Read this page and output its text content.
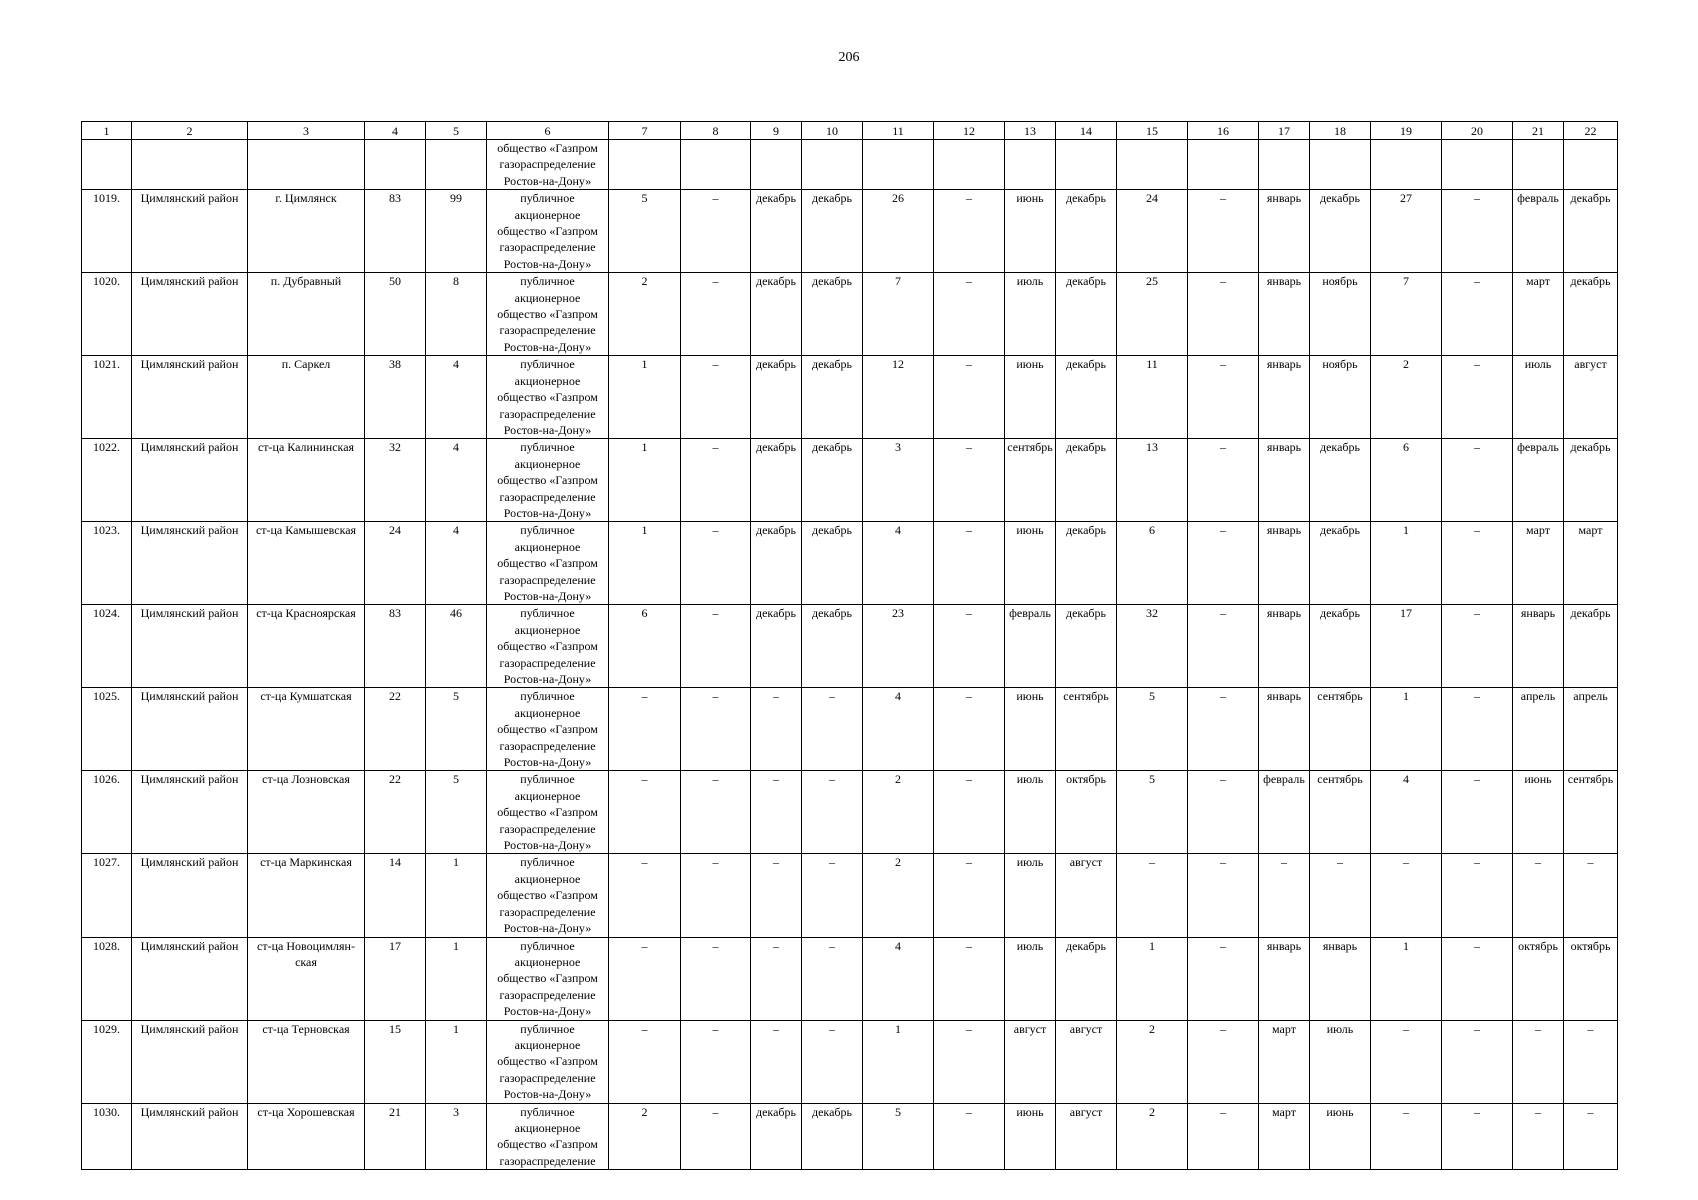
206
1	2	3	4	5	6	7	8	9	10	11	12	13	14	15	16	17	18	19	20	21	22
					общество «Газпром газораспределение Ростов-на-Дону»																
1019.	Цимлянский район	г. Цимлянск	83	99	публичное акционерное общество «Газпром газораспределение Ростов-на-Дону»	5	–	декабрь	декабрь	26	–	июнь	декабрь	24	–	январь	декабрь	27	–	февраль	декабрь
1020.	Цимлянский район	п. Дубравный	50	8	публичное акционерное общество «Газпром газораспределение Ростов-на-Дону»	2	–	декабрь	декабрь	7	–	июль	декабрь	25	–	январь	ноябрь	7	–	март	декабрь
1021.	Цимлянский район	п. Саркел	38	4	публичное акционерное общество «Газпром газораспределение Ростов-на-Дону»	1	–	декабрь	декабрь	12	–	июнь	декабрь	11	–	январь	ноябрь	2	–	июль	август
1022.	Цимлянский район	ст-ца Калининская	32	4	публичное акционерное общество «Газпром газораспределение Ростов-на-Дону»	1	–	декабрь	декабрь	3	–	сентябрь	декабрь	13	–	январь	декабрь	6	–	февраль	декабрь
1023.	Цимлянский район	ст-ца Камышевская	24	4	публичное акционерное общество «Газпром газораспределение Ростов-на-Дону»	1	–	декабрь	декабрь	4	–	июнь	декабрь	6	–	январь	декабрь	1	–	март	март
1024.	Цимлянский район	ст-ца Красноярская	83	46	публичное акционерное общество «Газпром газораспределение Ростов-на-Дону»	6	–	декабрь	декабрь	23	–	февраль	декабрь	32	–	январь	декабрь	17	–	январь	декабрь
1025.	Цимлянский район	ст-ца Кумшатская	22	5	публичное акционерное общество «Газпром газораспределение Ростов-на-Дону»	–	–	–	–	4	–	июнь	сентябрь	5	–	январь	сентябрь	1	–	апрель	апрель
1026.	Цимлянский район	ст-ца Лозновская	22	5	публичное акционерное общество «Газпром газораспределение Ростов-на-Дону»	–	–	–	–	2	–	июль	октябрь	5	–	февраль	сентябрь	4	–	июнь	сентябрь
1027.	Цимлянский район	ст-ца Маркинская	14	1	публичное акционерное общество «Газпром газораспределение Ростов-на-Дону»	–	–	–	–	2	–	июль	август	–	–	–	–	–	–	–	–
1028.	Цимлянский район	ст-ца Новоцимлян-ская	17	1	публичное акционерное общество «Газпром газораспределение Ростов-на-Дону»	–	–	–	–	4	–	июль	декабрь	1	–	январь	январь	1	–	октябрь	октябрь
1029.	Цимлянский район	ст-ца Терновская	15	1	публичное акционерное общество «Газпром газораспределение Ростов-на-Дону»	–	–	–	–	1	–	август	август	2	–	март	июль	–	–	–	–
1030.	Цимлянский район	ст-ца Хорошевская	21	3	публичное акционерное общество «Газпром газораспределение	2	–	декабрь	декабрь	5	–	июнь	август	2	–	март	июнь	–	–	–	–
